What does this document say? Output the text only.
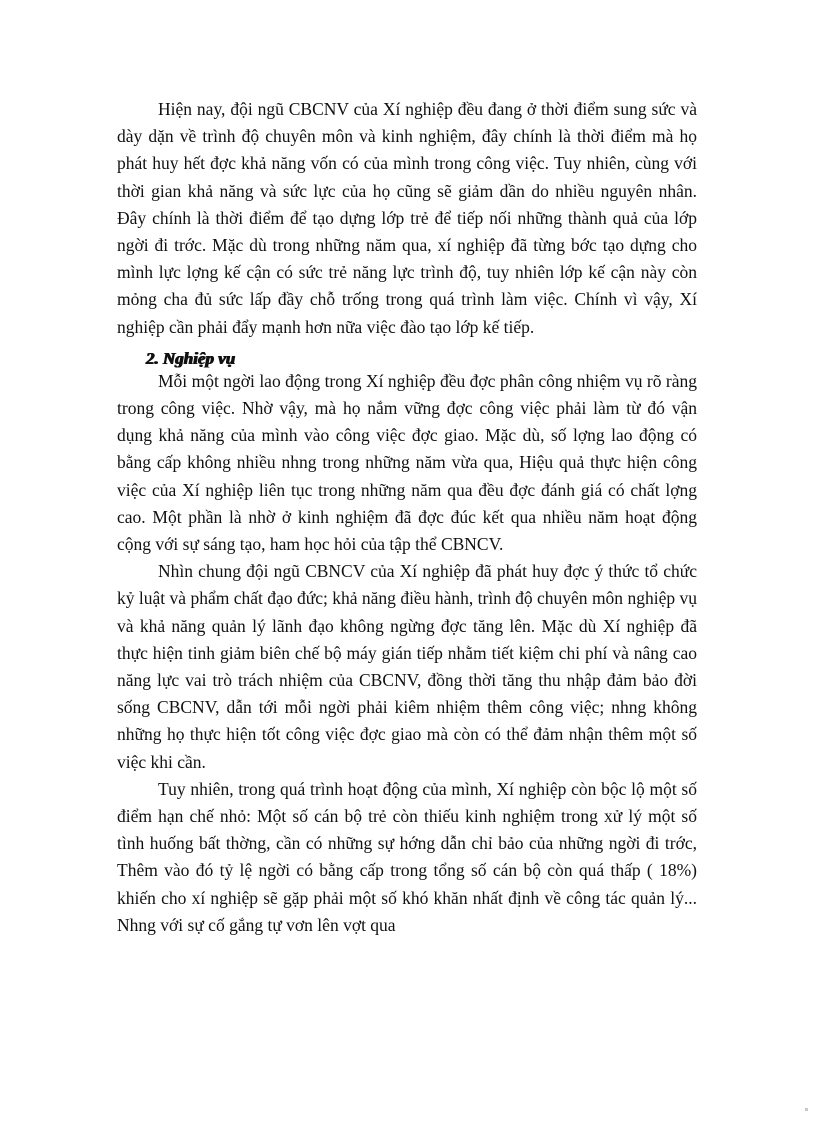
Hiện nay, đội ngũ CBCNV của Xí nghiệp đều đang ở thời điểm sung sức và dày dặn về trình độ chuyên môn và kinh nghiệm, đây chính là thời điểm mà họ phát huy hết đợc khả năng vốn có của mình trong công việc. Tuy nhiên, cùng với thời gian khả năng và sức lực của họ cũng sẽ giảm dần do nhiều nguyên nhân. Đây chính là thời điểm để tạo dựng lớp trẻ để tiếp nối những thành quả của lớp ngời đi trớc. Mặc dù trong những năm qua, xí nghiệp đã từng bớc tạo dựng cho mình lực lợng kế cận có sức trẻ năng lực trình độ, tuy nhiên lớp kế cận này còn mỏng cha đủ sức lấp đầy chỗ trống trong quá trình làm việc. Chính vì vậy, Xí nghiệp cần phải đẩy mạnh hơn nữa việc đào tạo lớp kế tiếp.

2. Nghiệp vụ

Mỗi một ngời lao động trong Xí nghiệp đều đợc phân công nhiệm vụ rõ ràng trong công việc. Nhờ vậy, mà họ nắm vững đợc công việc phải làm từ đó vận dụng khả năng của mình vào công việc đợc giao. Mặc dù, số lợng lao động có bằng cấp không nhiều nhng trong những năm vừa qua, Hiệu quả thực hiện công việc của Xí nghiệp liên tục trong những năm qua đều đợc đánh giá có chất lợng cao. Một phần là nhờ ở kinh nghiệm đã đợc đúc kết qua nhiều năm hoạt động cộng với sự sáng tạo, ham học hỏi của tập thể CBNCV.

Nhìn chung đội ngũ CBNCV của Xí nghiệp đã phát huy đợc ý thức tổ chức kỷ luật và phẩm chất đạo đức; khả năng điều hành, trình độ chuyên môn nghiệp vụ và khả năng quản lý lãnh đạo không ngừng đợc tăng lên. Mặc dù Xí nghiệp đã thực hiện tinh giảm biên chế bộ máy gián tiếp nhằm tiết kiệm chi phí và nâng cao năng lực vai trò trách nhiệm của CBCNV, đồng thời tăng thu nhập đảm bảo đời sống CBCNV, dẫn tới mỗi ngời phải kiêm nhiệm thêm công việc; nhng không những họ thực hiện tốt công việc đợc giao mà còn có thể đảm nhận thêm một số việc khi cần.

Tuy nhiên, trong quá trình hoạt động của mình, Xí nghiệp còn bộc lộ một số điểm hạn chế nhỏ: Một số cán bộ trẻ còn thiếu kinh nghiệm trong xử lý một số tình huống bất thờng, cần có những sự hớng dẫn chỉ bảo của những ngời đi trớc, Thêm vào đó tỷ lệ ngời có bằng cấp trong tổng số cán bộ còn quá thấp ( 18%) khiến cho xí nghiệp sẽ gặp phải một số khó khăn nhất định về công tác quản lý... Nhng với sự cố gắng tự vơn lên vợt qua
